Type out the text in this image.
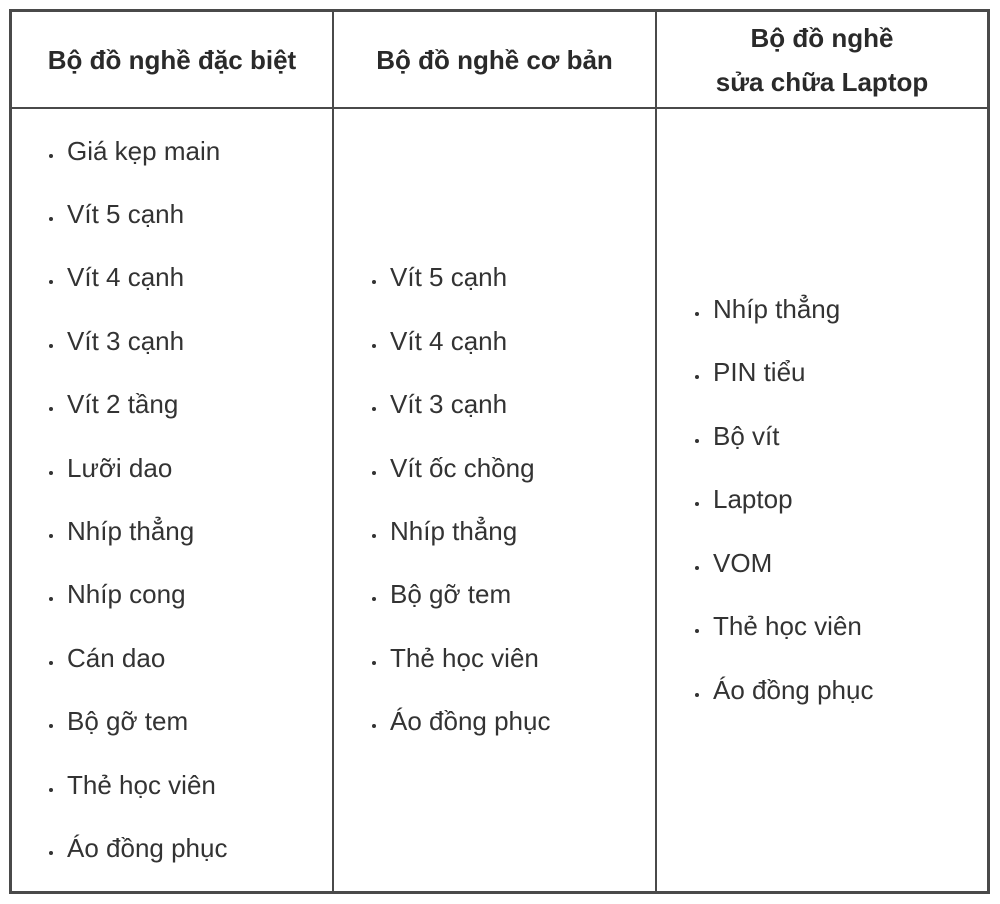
Bộ đồ nghề đặc biệt	Bộ đồ nghề cơ bản
Bộ đồ nghề
sửa chữa Laptop
Giá kẹp main
Vít 5 cạnh
Vít 4 cạnh
Vít 3 cạnh
Vít 2 tầng
Lưỡi dao
Nhíp thẳng
Nhíp cong
Cán dao
Bộ gỡ tem
Thẻ học viên
Áo đồng phục
Vít 5 cạnh
Vít 4 cạnh
Vít 3 cạnh
Vít ốc chồng
Nhíp thẳng
Bộ gỡ tem
Thẻ học viên
Áo đồng phục
Nhíp thẳng
PIN tiểu
Bộ vít
Laptop
VOM
Thẻ học viên
Áo đồng phục
